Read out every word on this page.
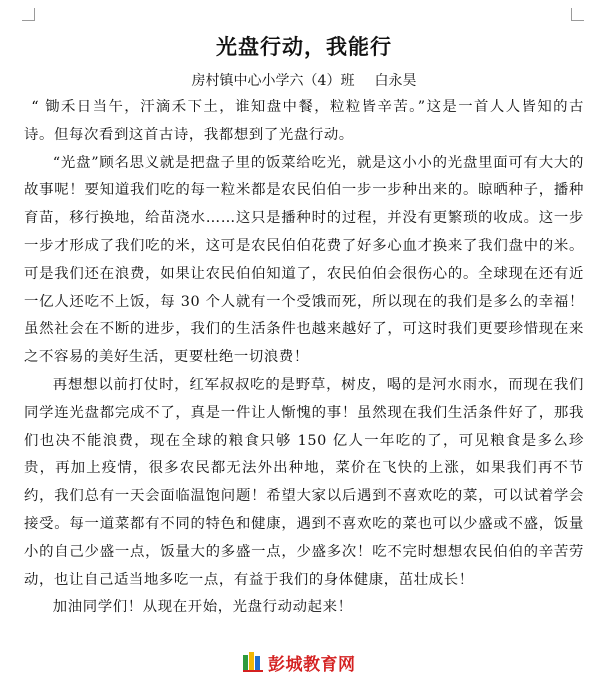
光盘行动，我能行
房村镇中心小学六（4）班 白永昊

“ 锄禾日当午，汗滴禾下土，谁知盘中餐，粒粒皆辛苦。”这是一首人人皆知的古诗。但每次看到这首古诗，我都想到了光盘行动。

“光盘”顾名思义就是把盘子里的饭菜给吃光，就是这小小的光盘里面可有大大的故事呢！要知道我们吃的每一粒米都是农民伯伯一步一步种出来的。晾晒种子，播种育苗，移行换地，给苗浇水……这只是播种时的过程，并没有更繁琐的收成。这一步一步才形成了我们吃的米，这可是农民伯伯花费了好多心血才换来了我们盘中的米。可是我们还在浪费，如果让农民伯伯知道了，农民伯伯会很伤心的。全球现在还有近一亿人还吃不上饭，每 30 个人就有一个受饿而死，所以现在的我们是多么的幸福！虽然社会在不断的进步，我们的生活条件也越来越好了，可这时我们更要珍惜现在来之不容易的美好生活，更要杜绝一切浪费！

再想想以前打仗时，红军叔叔吃的是野草，树皮，喝的是河水雨水，而现在我们同学连光盘都完成不了，真是一件让人惭愧的事！虽然现在我们生活条件好了，那我们也决不能浪费，现在全球的粮食只够 150 亿人一年吃的了，可见粮食是多么珍贵，再加上疫情，很多农民都无法外出种地，菜价在飞快的上涨，如果我们再不节约，我们总有一天会面临温饱问题！希望大家以后遇到不喜欢吃的菜，可以试着学会接受。每一道菜都有不同的特色和健康，遇到不喜欢吃的菜也可以少盛或不盛，饭量小的自己少盛一点，饭量大的多盛一点，少盛多次！吃不完时想想农民伯伯的辛苦劳动，也让自己适当地多吃一点，有益于我们的身体健康，茁壮成长！

加油同学们！从现在开始，光盘行动动起来！

彭城教育网
